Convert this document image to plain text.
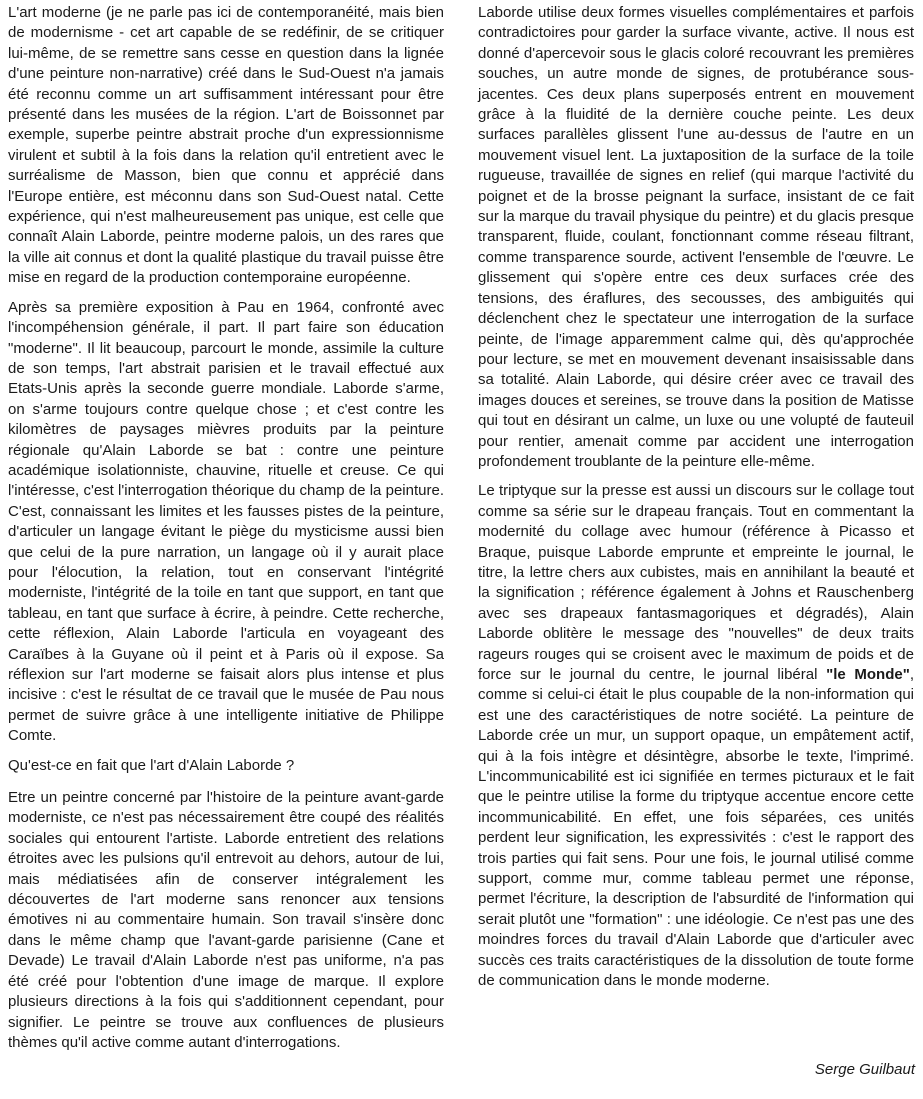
L'art moderne (je ne parle pas ici de contemporanéité, mais bien de modernisme - cet art capable de se redéfinir, de se critiquer lui-même, de se remettre sans cesse en question dans la lignée d'une peinture non-narrative) créé dans le Sud-Ouest n'a jamais été reconnu comme un art suffisamment intéressant pour être présenté dans les musées de la région. L'art de Boissonnet par exemple, superbe peintre abstrait proche d'un expressionnisme virulent et subtil à la fois dans la relation qu'il entretient avec le surréalisme de Masson, bien que connu et apprécié dans l'Europe entière, est méconnu dans son Sud-Ouest natal. Cette expérience, qui n'est malheureusement pas unique, est celle que connaît Alain Laborde, peintre moderne palois, un des rares que la ville ait connus et dont la qualité plastique du travail puisse être mise en regard de la production contemporaine européenne.

Après sa première exposition à Pau en 1964, confronté avec l'incompéhension générale, il part. Il part faire son éducation "moderne". Il lit beaucoup, parcourt le monde, assimile la culture de son temps, l'art abstrait parisien et le travail effectué aux Etats-Unis après la seconde guerre mondiale. Laborde s'arme, on s'arme toujours contre quelque chose ; et c'est contre les kilomètres de paysages mièvres produits par la peinture régionale qu'Alain Laborde se bat : contre une peinture académique isolationniste, chauvine, rituelle et creuse. Ce qui l'intéresse, c'est l'interrogation théorique du champ de la peinture. C'est, connaissant les limites et les fausses pistes de la peinture, d'articuler un langage évitant le piège du mysticisme aussi bien que celui de la pure narration, un langage où il y aurait place pour l'élocution, la relation, tout en conservant l'intégrité moderniste, l'intégrité de la toile en tant que support, en tant que tableau, en tant que surface à écrire, à peindre. Cette recherche, cette réflexion, Alain Laborde l'articula en voyageant des Caraïbes à la Guyane où il peint et à Paris où il expose. Sa réflexion sur l'art moderne se faisait alors plus intense et plus incisive : c'est le résultat de ce travail que le musée de Pau nous permet de suivre grâce à une intelligente initiative de Philippe Comte.

Qu'est-ce en fait que l'art d'Alain Laborde ?

Etre un peintre concerné par l'histoire de la peinture avant-garde moderniste, ce n'est pas nécessairement être coupé des réalités sociales qui entourent l'artiste. Laborde entretient des relations étroites avec les pulsions qu'il entrevoit au dehors, autour de lui, mais médiatisées afin de conserver intégralement les découvertes de l'art moderne sans renoncer aux tensions émotives ni au commentaire humain. Son travail s'insère donc dans le même champ que l'avant-garde parisienne (Cane et Devade) Le travail d'Alain Laborde n'est pas uniforme, n'a pas été créé pour l'obtention d'une image de marque. Il explore plusieurs directions à la fois qui s'additionnent cependant, pour signifier. Le peintre se trouve aux confluences de plusieurs thèmes qu'il active comme autant d'interrogations.

Laborde utilise deux formes visuelles complémentaires et parfois contradictoires pour garder la surface vivante, active. Il nous est donné d'apercevoir sous le glacis coloré recouvrant les premières souches, un autre monde de signes, de protubérance sous-jacentes. Ces deux plans superposés entrent en mouvement grâce à la fluidité de la dernière couche peinte. Les deux surfaces parallèles glissent l'une au-dessus de l'autre en un mouvement visuel lent. La juxtaposition de la surface de la toile rugueuse, travaillée de signes en relief (qui marque l'activité du poignet et de la brosse peignant la surface, insistant de ce fait sur la marque du travail physique du peintre) et du glacis presque transparent, fluide, coulant, fonctionnant comme réseau filtrant, comme transparence sourde, activent l'ensemble de l'œuvre. Le glissement qui s'opère entre ces deux surfaces crée des tensions, des éraflures, des secousses, des ambiguités qui déclenchent chez le spectateur une interrogation de la surface peinte, de l'image apparemment calme qui, dès qu'approchée pour lecture, se met en mouvement devenant insaisissable dans sa totalité. Alain Laborde, qui désire créer avec ce travail des images douces et sereines, se trouve dans la position de Matisse qui tout en désirant un calme, un luxe ou une volupté de fauteuil pour rentier, amenait comme par accident une interrogation profondement troublante de la peinture elle-même.

Le triptyque sur la presse est aussi un discours sur le collage tout comme sa série sur le drapeau français. Tout en commentant la modernité du collage avec humour (référence à Picasso et Braque, puisque Laborde emprunte et empreinte le journal, le titre, la lettre chers aux cubistes, mais en annihilant la beauté et la signification ; référence également à Johns et Rauschenberg avec ses drapeaux fantasmagoriques et dégradés), Alain Laborde oblitère le message des "nouvelles" de deux traits rageurs rouges qui se croisent avec le maximum de poids et de force sur le journal du centre, le journal libéral "le Monde", comme si celui-ci était le plus coupable de la non-information qui est une des caractéristiques de notre société. La peinture de Laborde crée un mur, un support opaque, un empâtement actif, qui à la fois intègre et désintègre, absorbe le texte, l'imprimé. L'incommunicabilité est ici signifiée en termes picturaux et le fait que le peintre utilise la forme du triptyque accentue encore cette incommunicabilité. En effet, une fois séparées, ces unités perdent leur signification, les expressivités : c'est le rapport des trois parties qui fait sens. Pour une fois, le journal utilisé comme support, comme mur, comme tableau permet une réponse, permet l'écriture, la description de l'absurdité de l'information qui serait plutôt une "formation" : une idéologie. Ce n'est pas une des moindres forces du travail d'Alain Laborde que d'articuler avec succès ces traits caractéristiques de la dissolution de toute forme de communication dans le monde moderne.

Serge Guilbaut
